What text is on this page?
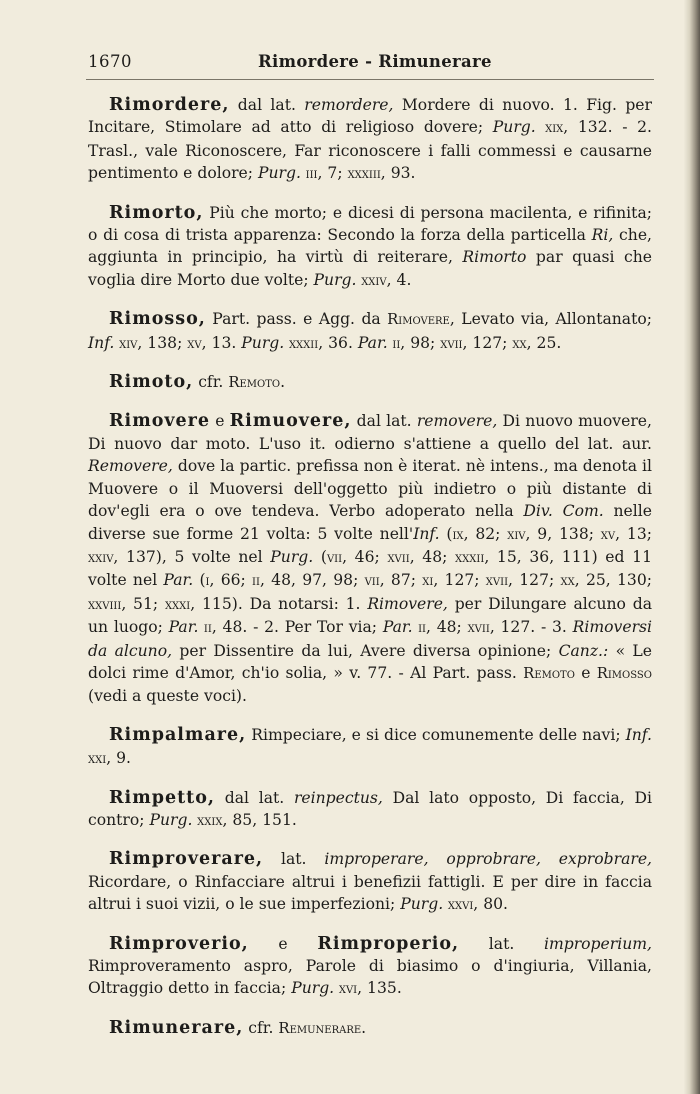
1670	Rimordere - Rimunerare

Rimordere, dal lat. remordere, Mordere di nuovo. 1. Fig. per Incitare, Stimolare ad atto di religioso dovere; Purg. xix, 132. - 2. Trasl., vale Riconoscere, Far riconoscere i falli commessi e causarne pentimento e dolore; Purg. iii, 7; xxxiii, 93.

Rimorto, Più che morto; e dicesi di persona macilenta, e rifinita; o di cosa di trista apparenza: Secondo la forza della particella Ri, che, aggiunta in principio, ha virtù di reiterare, Rimorto par quasi che voglia dire Morto due volte; Purg. xxiv, 4.

Rimosso, Part. pass. e Agg. da Rimovere, Levato via, Allontanato; Inf. xiv, 138; xv, 13. Purg. xxxii, 36. Par. ii, 98; xvii, 127; xx, 25.

Rimoto, cfr. Remoto.

Rimovere e Rimuovere, dal lat. removere, Di nuovo muovere, Di nuovo dar moto. L'uso it. odierno s'attiene a quello del lat. aur. Removere, dove la partic. prefissa non è iterat. nè intens., ma denota il Muovere o il Muoversi dell'oggetto più indietro o più distante di dov'egli era o ove tendeva. Verbo adoperato nella Div. Com. nelle diverse sue forme 21 volta: 5 volte nell'Inf. (ix, 82; xiv, 9, 138; xv, 13; xxiv, 137), 5 volte nel Purg. (vii, 46; xvii, 48; xxxii, 15, 36, 111) ed 11 volte nel Par. (i, 66; ii, 48, 97, 98; vii, 87; xi, 127; xvii, 127; xx, 25, 130; xxviii, 51; xxxi, 115). Da notarsi: 1. Rimovere, per Dilungare alcuno da un luogo; Par. ii, 48. - 2. Per Tor via; Par. ii, 48; xvii, 127. - 3. Rimoversi da alcuno, per Dissentire da lui, Avere diversa opinione; Canz.: « Le dolci rime d'Amor, ch'io solia, » v. 77. - Al Part. pass. Remoto e Rimosso (vedi a queste voci).

Rimpalmare, Rimpeciare, e si dice comunemente delle navi; Inf. xxi, 9.

Rimpetto, dal lat. reinpectus, Dal lato opposto, Di faccia, Di contro; Purg. xxix, 85, 151.

Rimproverare, lat. improperare, opprobrare, exprobrare, Ricordare, o Rinfacciare altrui i benefizii fattigli. E per dire in faccia altrui i suoi vizii, o le sue imperfezioni; Purg. xxvi, 80.

Rimproverio, e Rimproperio, lat. improperium, Rimproveramento aspro, Parole di biasimo o d'ingiuria, Villania, Oltraggio detto in faccia; Purg. xvi, 135.

Rimunerare, cfr. Remunerare.
